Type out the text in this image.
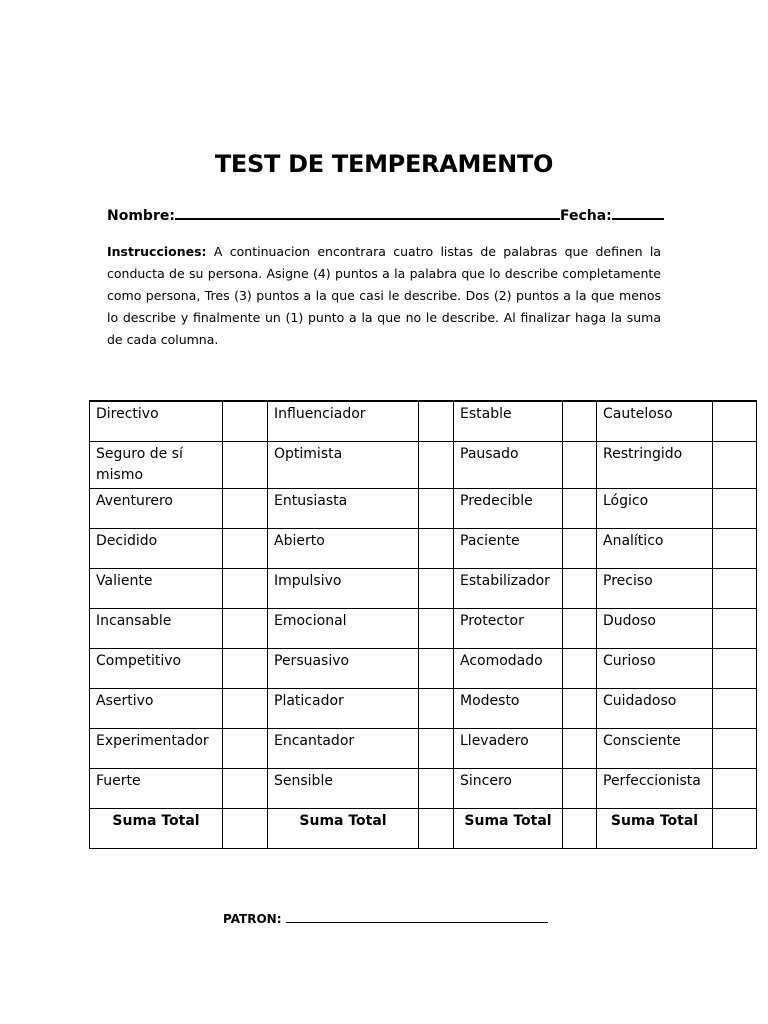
TEST DE TEMPERAMENTO
Nombre:	Fecha:
Instrucciones: A continuacion encontrara cuatro listas de palabras que definen la conducta de su persona. Asigne (4) puntos a la palabra que lo describe completamente como persona, Tres (3) puntos a la que casi le describe. Dos (2) puntos a la que menos lo describe y finalmente un (1) punto a la que no le describe. Al finalizar haga la suma de cada columna.
Directivo		Influenciador		Estable		Cauteloso	
Seguro de sí mismo		Optimista		Pausado		Restringido	
Aventurero		Entusiasta		Predecible		Lógico	
Decidido		Abierto		Paciente		Analítico	
Valiente		Impulsivo		Estabilizador		Preciso	
Incansable		Emocional		Protector		Dudoso	
Competitivo		Persuasivo		Acomodado		Curioso	
Asertivo		Platicador		Modesto		Cuidadoso	
Experimentador		Encantador		Llevadero		Consciente	
Fuerte		Sensible		Sincero		Perfeccionista	
Suma Total		Suma Total		Suma Total		Suma Total	
PATRON:
